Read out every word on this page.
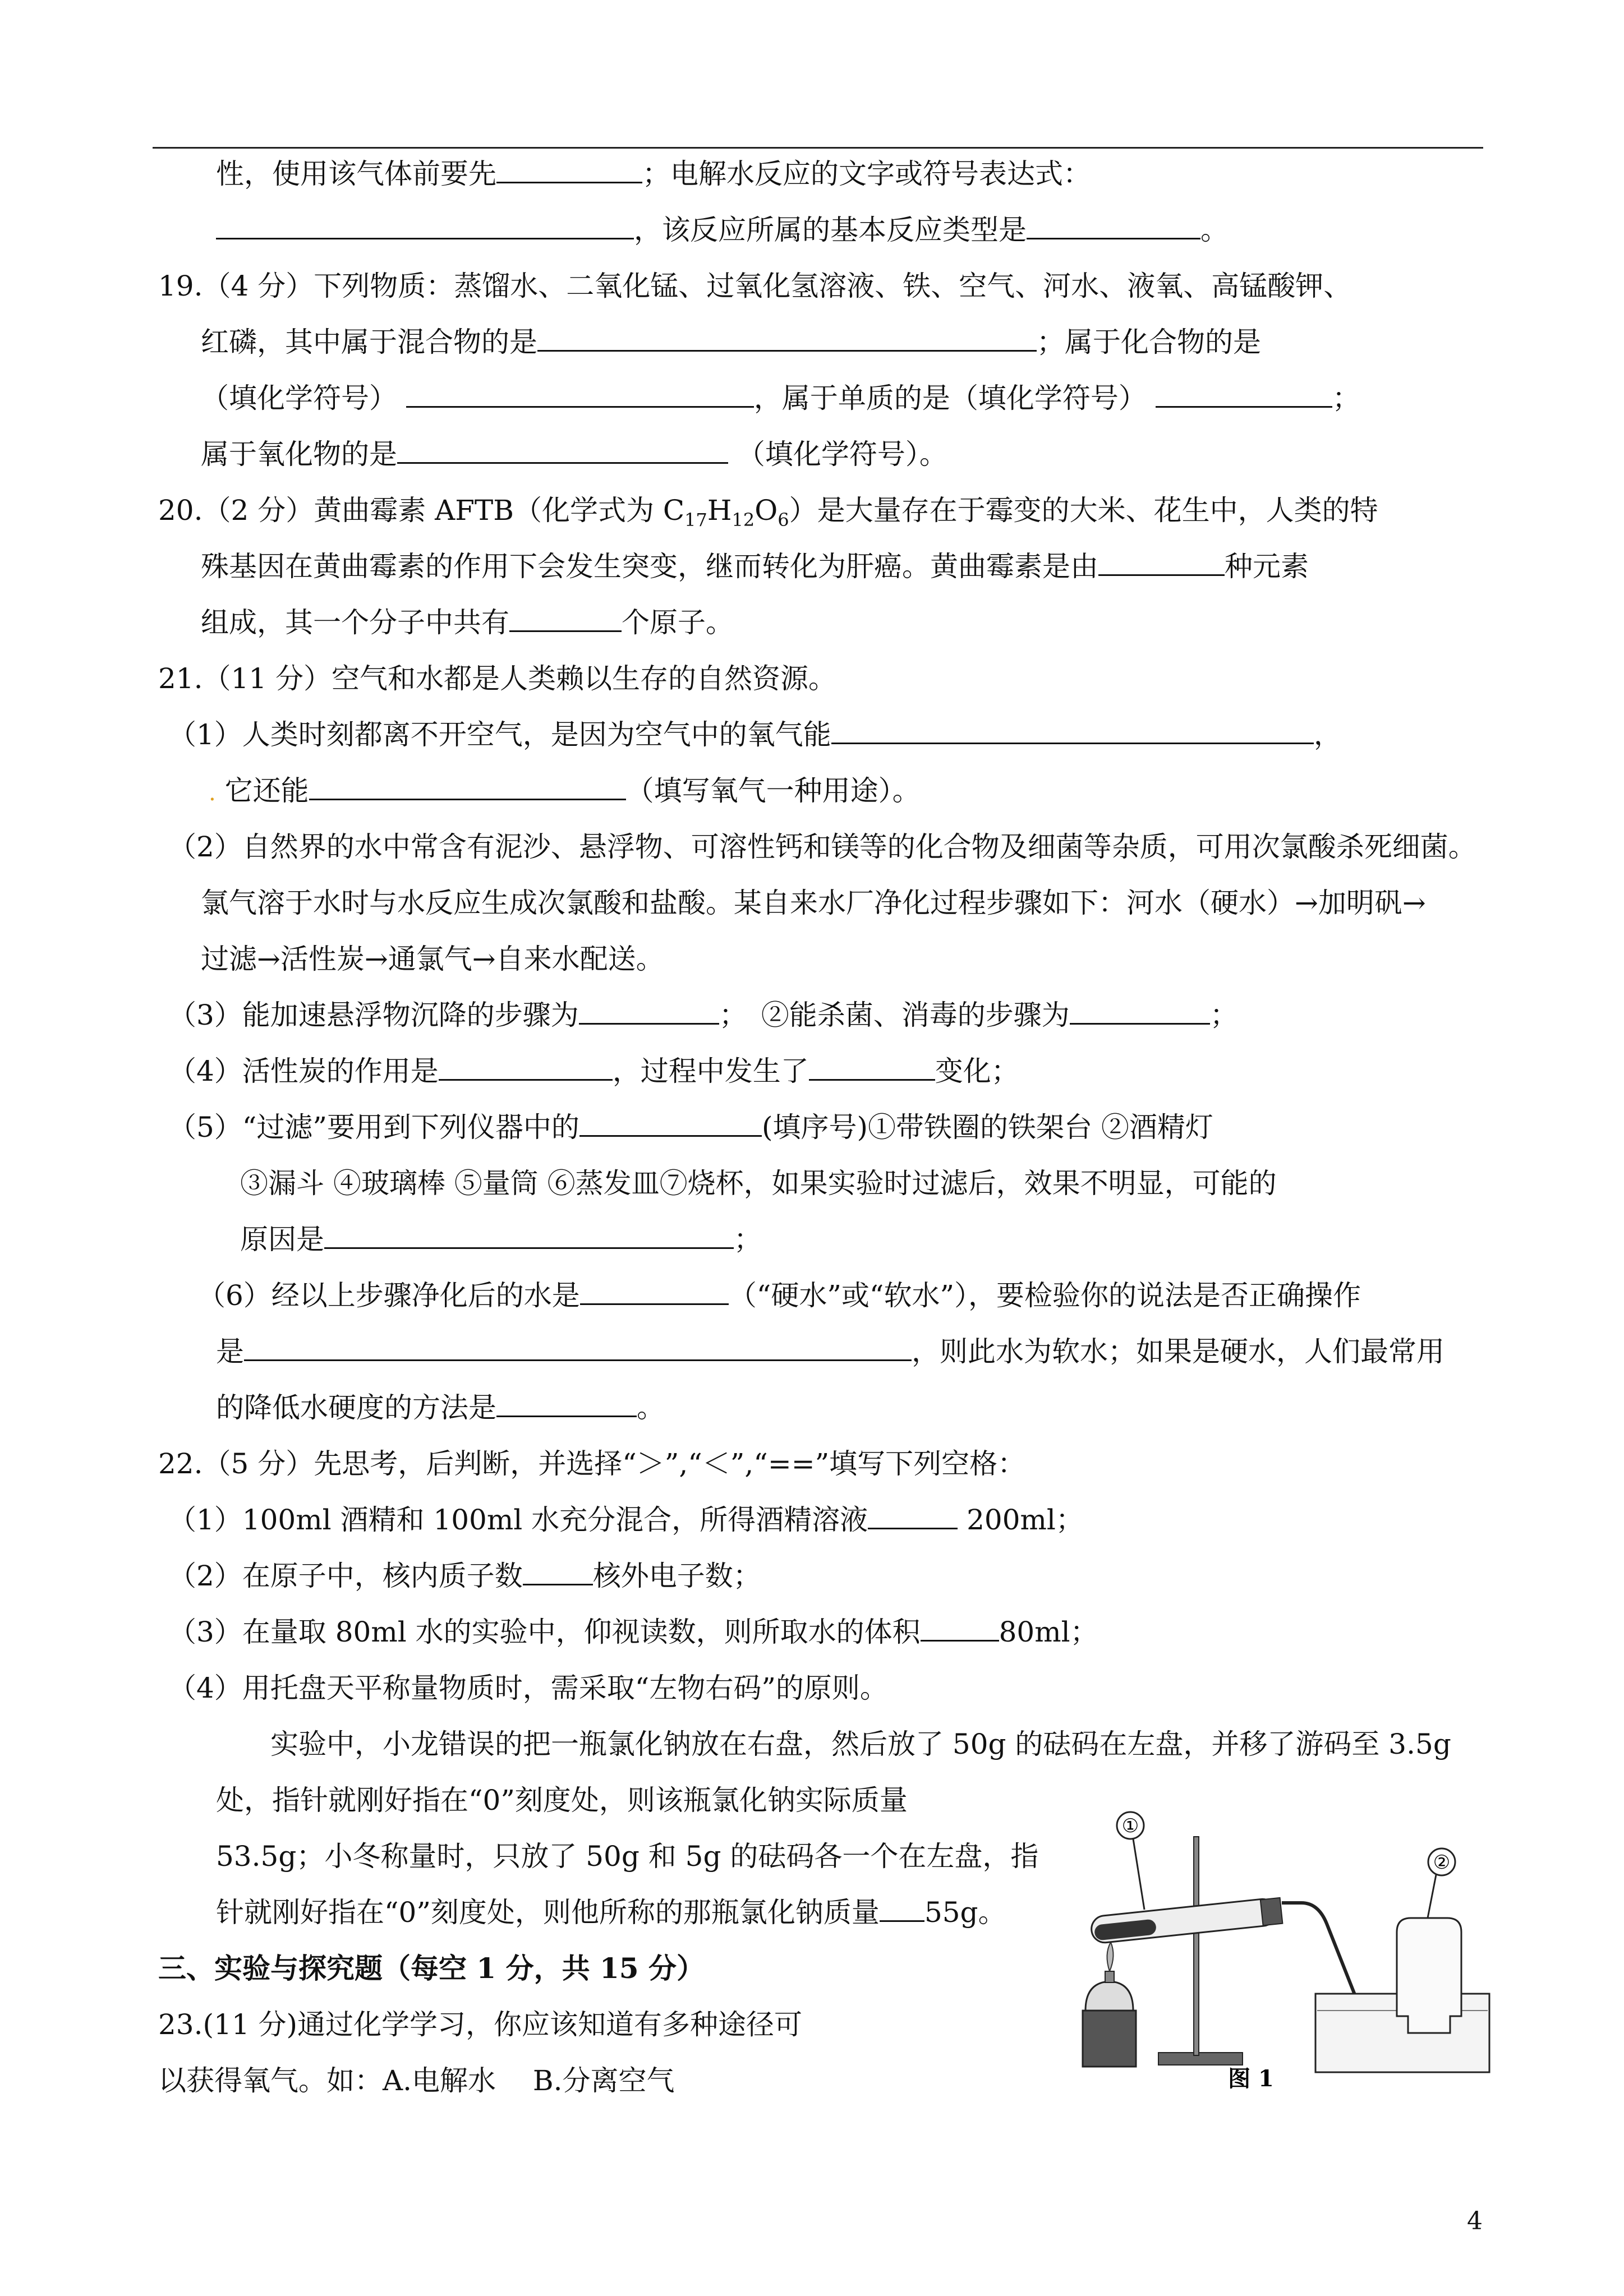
性，使用该气体前要先	；电解水反应的文字或符号表达式：
，该反应所属的基本反应类型是	。
19.（4 分）下列物质：蒸馏水、二氧化锰、过氧化氢溶液、铁、空气、河水、液氧、高锰酸钾、
红磷，其中属于混合物的是	；属于化合物的是
（填化学符号）	，属于单质的是（填化学符号）	；
属于氧化物的是	（填化学符号）。
20.（2 分）黄曲霉素 AFTB（化学式为 $C_{17}H_{12}O_6$）是大量存在于霉变的大米、花生中，人类的特
殊基因在黄曲霉素的作用下会发生突变，继而转化为肝癌。黄曲霉素是由	种元素
组成，其一个分子中共有	个原子。
21.（11 分）空气和水都是人类赖以生存的自然资源。
（1）人类时刻都离不开空气，是因为空气中的氧气能	，
. 它还能	（填写氧气一种用途）。
（2）自然界的水中常含有泥沙、悬浮物、可溶性钙和镁等的化合物及细菌等杂质，可用次氯酸杀死细菌。
氯气溶于水时与水反应生成次氯酸和盐酸。某自来水厂净化过程步骤如下：河水（硬水）→加明矾→
过滤→活性炭→通氯气→自来水配送。
（3）能加速悬浮物沉降的步骤为	；　②能杀菌、消毒的步骤为	；
（4）活性炭的作用是	，过程中发生了	变化；
（5）“过滤”要用到下列仪器中的	(填序号)①带铁圈的铁架台 ②酒精灯
③漏斗 ④玻璃棒 ⑤量筒 ⑥蒸发皿⑦烧杯，如果实验时过滤后，效果不明显，可能的
原因是	；
（6）经以上步骤净化后的水是	（“硬水”或“软水”），要检验你的说法是否正确操作
是	，则此水为软水；如果是硬水，人们最常用
的降低水硬度的方法是	。
22.（5 分）先思考，后判断，并选择“＞”,“＜”,“==”填写下列空格：
（1）100ml 酒精和 100ml 水充分混合，所得酒精溶液	200ml；
（2）在原子中，核内质子数	核外电子数；
（3）在量取 80ml 水的实验中，仰视读数，则所取水的体积	80ml；
（4）用托盘天平称量物质时，需采取“左物右码”的原则。
实验中，小龙错误的把一瓶氯化钠放在右盘，然后放了 50g 的砝码在左盘，并移了游码至 3.5g
处，指针就刚好指在“0”刻度处，则该瓶氯化钠实际质量
53.5g；小冬称量时，只放了 50g 和 5g 的砝码各一个在左盘，指
针就刚好指在“0”刻度处，则他所称的那瓶氯化钠质量 55g。
三、实验与探究题（每空 1 分，共 15 分）
23.(11 分)通过化学学习，你应该知道有多种途径可
以获得氧气。如：A.电解水　 B.分离空气
①
②
图 1
4
